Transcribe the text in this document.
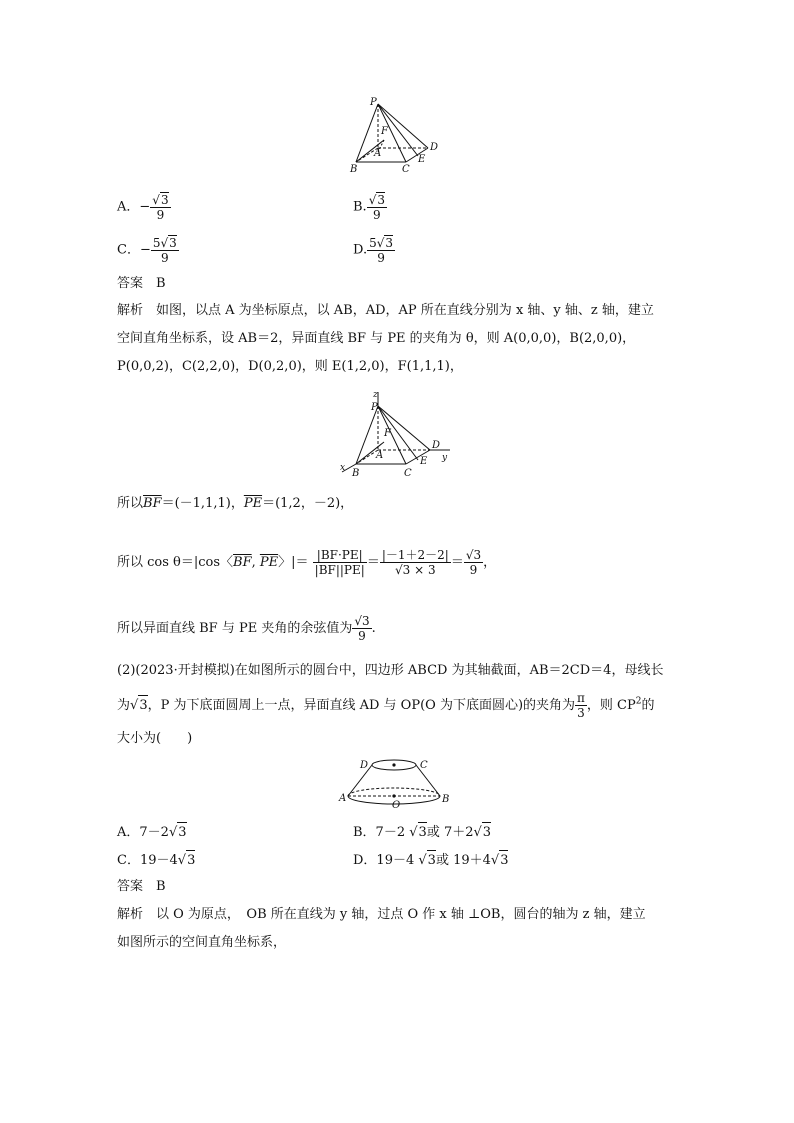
P
F
A
D
E
B	C
A．− $\frac{√3}{9}$	B. $\frac{√3}{9}$
C．− $\frac{5√3}{9}$	D. $\frac{5√3}{9}$
答案　B
解析　如图，以点 A 为坐标原点，以 AB，AD，AP 所在直线分别为 x 轴、y 轴、z 轴，建立
空间直角坐标系，设 AB＝2，异面直线 BF 与 PE 的夹角为 θ，则 A(0,0,0)，B(2,0,0)，
P(0,0,2)，C(2,2,0)，D(0,2,0)，则 E(1,2,0)，F(1,1,1)，
z
P
F
A
D
E y
x B	C
所以$\overline{BF}=(-1,1,1)$，$\overline{PE}=(1,2$，－2)，
所以 cos θ＝|cos〈$\overline{BF}$, $\overline{PE}$〉|＝ $\frac{|BF\cdot PE|}{|BF||PE|} = \frac{|-1+2-2|}{√3 \times 3} = \frac{√3}{9}$ ，
所以异面直线 BF 与 PE 夹角的余弦值为 $\frac{√3}{9}$ .
(2)(2023·开封模拟)在如图所示的圆台中，四边形 ABCD 为其轴截面，AB＝2CD＝4，母线长
为√3，P 为下底面圆周上一点，异面直线 AD 与 OP(O 为下底面圆心)的夹角为 $\frac{\pi}{3}$ ，则 $CP^2$的
大小为(　　)
D	C
A
O
B
A．7－2√3	B．7－2 √3或 7＋2√3
C．19－4√3	D．19－4 √3或 19＋4√3
答案　B
解析　以 O 为原点，　OB 所在直线为 y 轴，过点 O 作 x 轴 ⊥OB，圆台的轴为 z 轴，建立
如图所示的空间直角坐标系，
